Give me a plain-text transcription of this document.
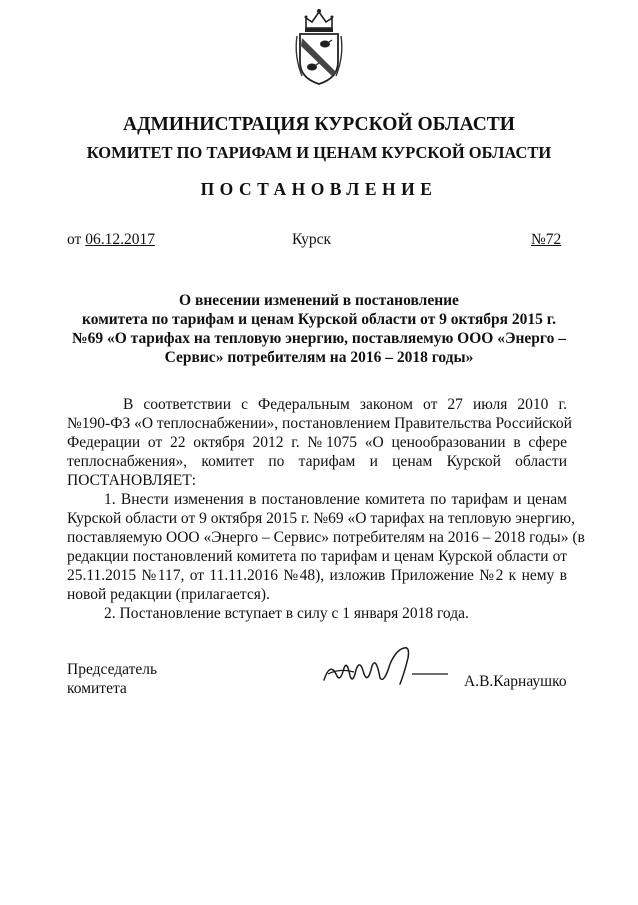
АДМИНИСТРАЦИЯ КУРСКОЙ ОБЛАСТИ
КОМИТЕТ ПО ТАРИФАМ И ЦЕНАМ КУРСКОЙ ОБЛАСТИ
ПОСТАНОВЛЕНИЕ
от 06.12.2017	Курск	№72
О внесении изменений в постановление
комитета по тарифам и ценам Курской области от 9 октября 2015 г.
№69 «О тарифах на тепловую энергию, поставляемую ООО «Энерго –
Сервис» потребителям на 2016 – 2018 годы»
В соответствии с Федеральным законом от 27 июля 2010 г.
№190-ФЗ «О теплоснабжении», постановлением Правительства Российской
Федерации от 22 октября 2012 г. №1075 «О ценообразовании в сфере
теплоснабжения», комитет по тарифам и ценам Курской области
ПОСТАНОВЛЯЕТ:
1. Внести изменения в постановление комитета по тарифам и ценам
Курской области от 9 октября 2015 г. №69 «О тарифах на тепловую энергию,
поставляемую ООО «Энерго – Сервис» потребителям на 2016 – 2018 годы» (в
редакции постановлений комитета по тарифам и ценам Курской области от
25.11.2015 №117, от 11.11.2016 №48), изложив Приложение №2 к нему в
новой редакции (прилагается).
2. Постановление вступает в силу с 1 января 2018 года.
Председатель
комитета	А.В.Карнаушко
